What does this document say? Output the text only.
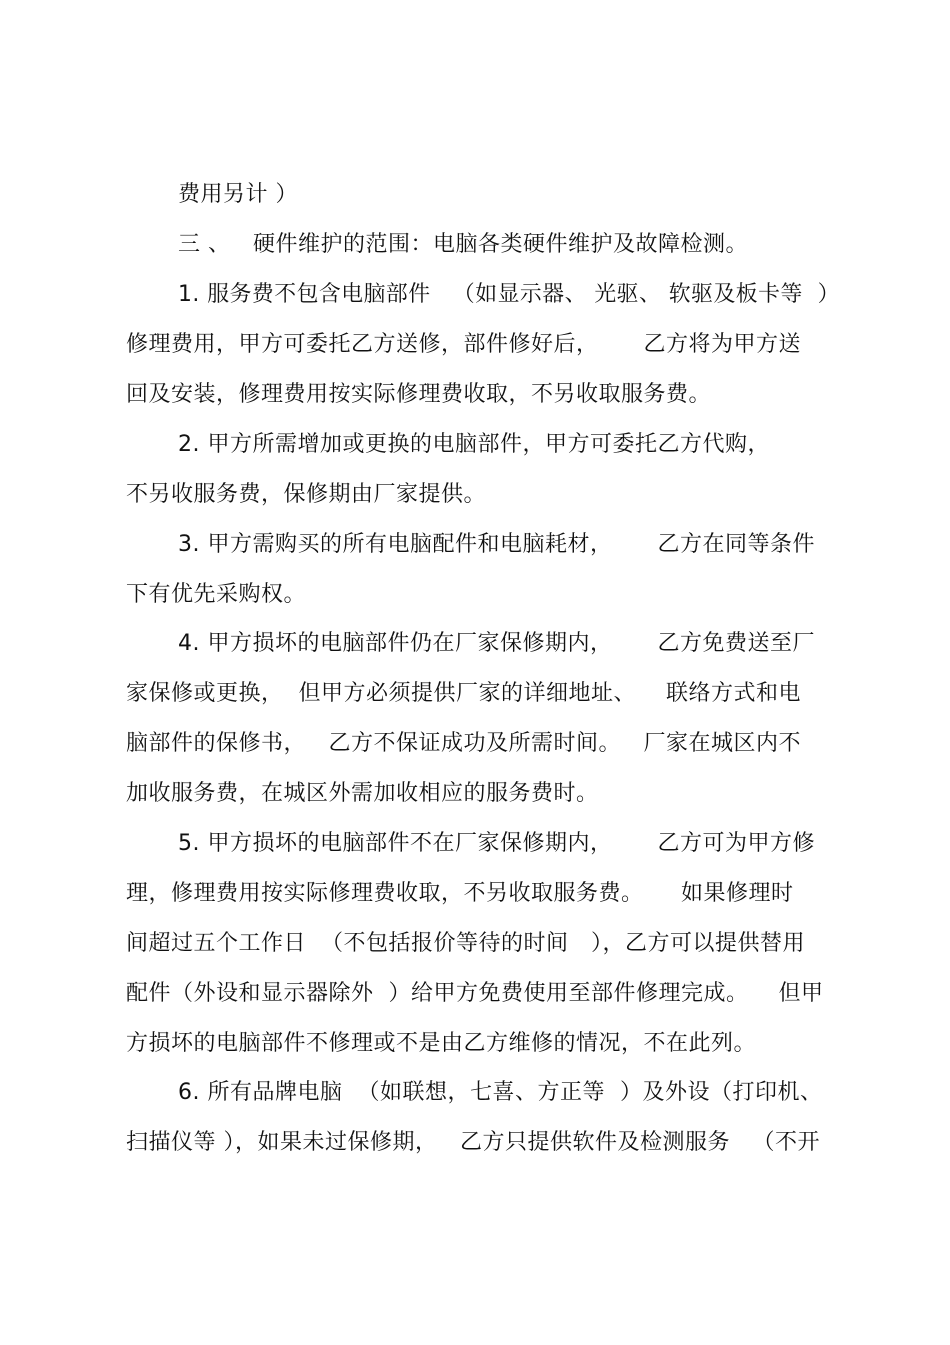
费用另计 ）
三 、   硬件维护的范围：电脑各类硬件维护及故障检测。
1. 服务费不包含电脑部件   （如显示器、 光驱、 软驱及板卡等  ）
修理费用，甲方可委托乙方送修，部件修好后，      乙方将为甲方送
回及安装，修理费用按实际修理费收取，不另收取服务费。
2. 甲方所需增加或更换的电脑部件，甲方可委托乙方代购，
不另收服务费，保修期由厂家提供。
3. 甲方需购买的所有电脑配件和电脑耗材，      乙方在同等条件
下有优先采购权。
4. 甲方损坏的电脑部件仍在厂家保修期内，      乙方免费送至厂
家保修或更换，  但甲方必须提供厂家的详细地址、    联络方式和电
脑部件的保修书，   乙方不保证成功及所需时间。   厂家在城区内不
加收服务费，在城区外需加收相应的服务费时。
5. 甲方损坏的电脑部件不在厂家保修期内，      乙方可为甲方修
理，修理费用按实际修理费收取，不另收取服务费。     如果修理时
间超过五个工作日  （不包括报价等待的时间   ），乙方可以提供替用
配件（外设和显示器除外  ）给甲方免费使用至部件修理完成。    但甲
方损坏的电脑部件不修理或不是由乙方维修的情况，不在此列。
6. 所有品牌电脑  （如联想，七喜、方正等  ）及外设（打印机、
扫描仪等 ），如果未过保修期，   乙方只提供软件及检测服务   （不开
